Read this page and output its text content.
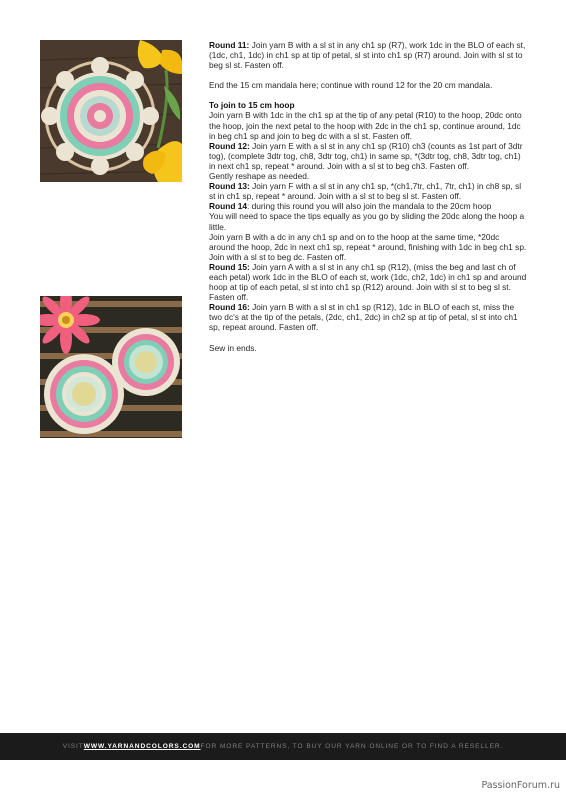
Round 11: Join yarn B with a sl st in any ch1 sp (R7), work 1dc in the BLO of each st, (1dc, ch1, 1dc) in ch1 sp at tip of petal, sl st into ch1 sp (R7) around. Join with sl st to beg sl st. Fasten off.

End the 15 cm mandala here; continue with round 12 for the 20 cm mandala.

To join to 15 cm hoop

Join yarn B with 1dc in the ch1 sp at the tip of any petal (R10) to the hoop, 20dc onto the hoop, join the next petal to the hoop with 2dc in the ch1 sp, continue around, 1dc in beg ch1 sp and join to beg dc with a sl st. Fasten off.

Round 12: Join yarn E with a sl st in any ch1 sp (R10) ch3 (counts as 1st part of 3dtr tog), (complete 3dtr tog, ch8, 3dtr tog, ch1) in same sp, *(3dtr tog, ch8, 3dtr tog, ch1) in next ch1 sp, repeat * around. Join with a sl st to beg ch3. Fasten off.

Gently reshape as needed.

Round 13: Join yarn F with a sl st in any ch1 sp, *(ch1,7tr, ch1, 7tr, ch1) in ch8 sp, sl st in ch1 sp, repeat * around. Join with a sl st to beg sl st. Fasten off.

Round 14: during this round you will also join the mandala to the 20cm hoop

You will need to space the tips equally as you go by sliding the 20dc along the hoop a little.

Join yarn B with a dc in any ch1 sp and on to the hoop at the same time, *20dc around the hoop, 2dc in next ch1 sp, repeat * around, finishing with 1dc in beg ch1 sp. Join with a sl st to beg dc. Fasten off.

Round 15: Join yarn A with a sl st in any ch1 sp (R12), (miss the beg and last ch of each petal) work 1dc in the BLO of each st, work (1dc, ch2, 1dc) in ch1 sp and around hoop at tip of each petal, sl st into ch1 sp (R12) around. Join with sl st to beg sl st. Fasten off.

Round 16: Join yarn B with a sl st in ch1 sp (R12), 1dc in BLO of each st, miss the two dc's at the tip of the petals, (2dc, ch1, 2dc) in ch2 sp at tip of petal, sl st into ch1 sp, repeat around. Fasten off.

Sew in ends.

VISIT WWW.YARNANDCOLORS.COM FOR MORE PATTERNS, TO BUY OUR YARN ONLINE OR TO FIND A RESELLER.
PassionForum.ru
